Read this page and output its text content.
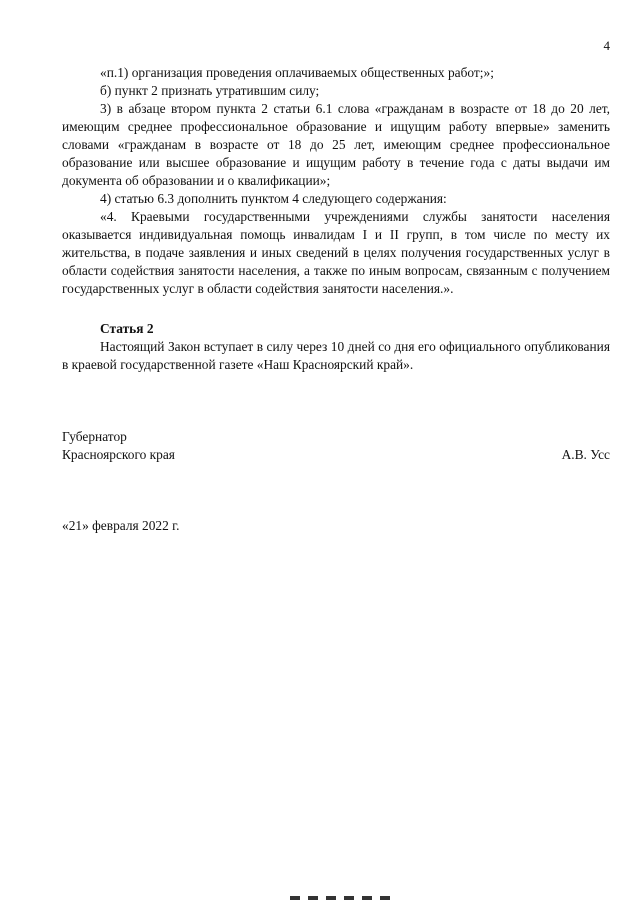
4

«п.1) организация проведения оплачиваемых общественных работ;»;

б) пункт 2 признать утратившим силу;

3) в абзаце втором пункта 2 статьи 6.1 слова «гражданам в возрасте от 18 до 20 лет, имеющим среднее профессиональное образование и ищущим работу впервые» заменить словами «гражданам в возрасте от 18 до 25 лет, имеющим среднее профессиональное образование или высшее образование и ищущим работу в течение года с даты выдачи им документа об образовании и о квалификации»;

4) статью 6.3 дополнить пунктом 4 следующего содержания:

«4. Краевыми государственными учреждениями службы занятости населения оказывается индивидуальная помощь инвалидам I и II групп, в том числе по месту их жительства, в подаче заявления и иных сведений в целях получения государственных услуг в области содействия занятости населения, а также по иным вопросам, связанным с получением государственных услуг в области содействия занятости населения.».

Статья 2

Настоящий Закон вступает в силу через 10 дней со дня его официального опубликования в краевой государственной газете «Наш Красноярский край».

Губернатор
Красноярского края	А.В. Усс
«21» февраля 2022 г.
